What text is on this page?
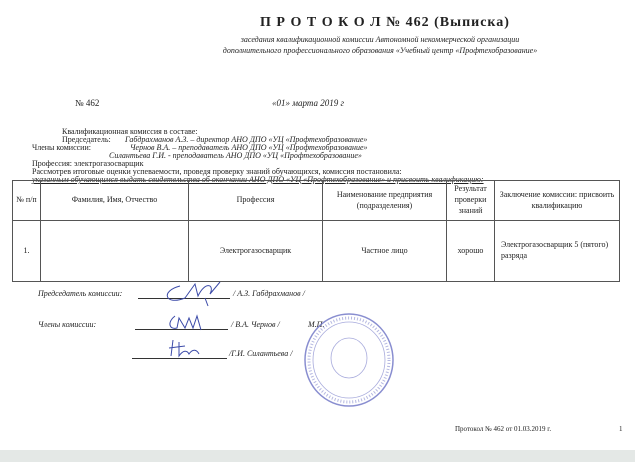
П Р О Т О К О Л № 462 (Выписка)
заседания квалификационной комиссии Автономной некоммерческой организации
дополнительного профессионального образования «Учебный центр «Профтехобразование»
№ 462	«01» марта 2019 г
Квалификационная комиссия в составе:
Председатель: Габдрахманов А.З. – директор АНО ДПО «УЦ «Профтехобразование»
Члены комиссии:	Чернов В.А. – преподаватель АНО ДПО «УЦ «Профтехобразование»
Силантьева Г.И. - преподаватель АНО ДПО «УЦ «Профтехобразование»
Профессия: электрогазосварщик
Рассмотрев итоговые оценки успеваемости, проведя проверку знаний обучающихся, комиссия постановила:
указанным обучающимся выдать свидетельства об окончании АНО ДПО «УЦ «Профтехобразование» и присвоить квалификацию:
№ п/п	Фамилия, Имя, Отчество	Профессия	Наименование предприятия (подразделения)	Результат проверки знаний	Заключение комиссии: присвоить квалификацию
1.		Электрогазосварщик	Частное лицо	хорошо	Электрогазосварщик 5 (пятого) разряда
Председатель комиссии:	/ А.З. Габдрахманов /
Члены комиссии:	/ В.А. Чернов /	М.П.
/Г.И. Силантьева /
Протокол № 462 от 01.03.2019 г.	1
